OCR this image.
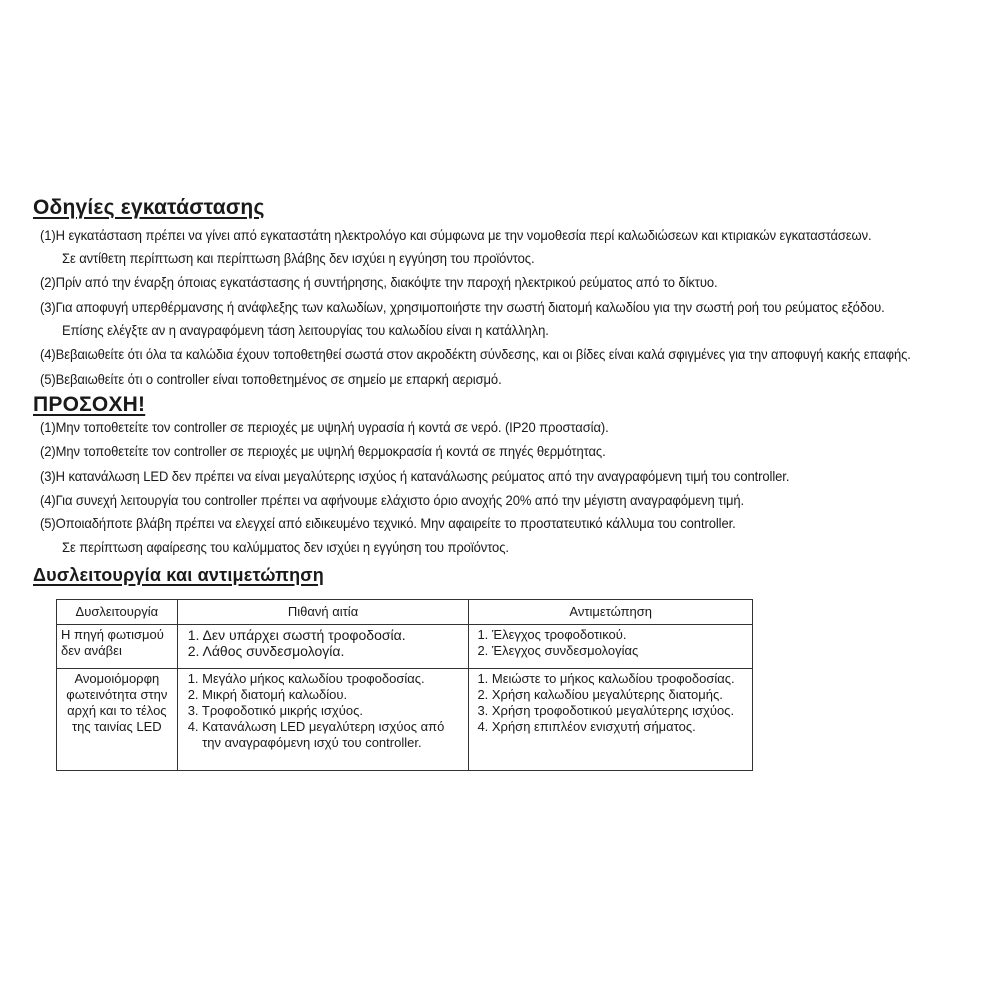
Οδηγίες εγκατάστασης
(1)Η εγκατάσταση πρέπει να γίνει από εγκαταστάτη ηλεκτρολόγο και σύμφωνα με την νομοθεσία περί καλωδιώσεων και κτιριακών εγκαταστάσεων.
Σε αντίθετη περίπτωση και περίπτωση βλάβης δεν ισχύει η εγγύηση του προϊόντος.
(2)Πρίν από την έναρξη όποιας εγκατάστασης ή συντήρησης, διακόψτε την παροχή ηλεκτρικού ρεύματος από το δίκτυο.
(3)Για αποφυγή υπερθέρμανσης ή ανάφλεξης των καλωδίων, χρησιμοποιήστε την σωστή διατομή καλωδίου για την σωστή ροή του ρεύματος εξόδου.
Επίσης ελέγξτε αν η αναγραφόμενη τάση λειτουργίας του καλωδίου είναι η κατάλληλη.
(4)Βεβαιωθείτε ότι όλα τα καλώδια έχουν τοποθετηθεί σωστά στον ακροδέκτη σύνδεσης, και οι βίδες είναι καλά σφιγμένες για την αποφυγή κακής επαφής.
(5)Βεβαιωθείτε ότι ο controller είναι τοποθετημένος σε σημείο με επαρκή αερισμό.
ΠΡΟΣΟΧΗ!
(1)Μην τοποθετείτε τον controller σε περιοχές με υψηλή υγρασία ή κοντά σε νερό. (IP20 προστασία).
(2)Μην τοποθετείτε τον controller σε περιοχές με υψηλή θερμοκρασία ή κοντά σε πηγές θερμότητας.
(3)Η κατανάλωση LED δεν πρέπει να είναι μεγαλύτερης ισχύος ή κατανάλωσης ρεύματος από την αναγραφόμενη τιμή του controller.
(4)Για συνεχή λειτουργία του controller πρέπει να αφήνουμε ελάχιστο όριο ανοχής 20% από την μέγιστη αναγραφόμενη τιμή.
(5)Οποιαδήποτε βλάβη πρέπει να ελεγχεί από ειδικευμένο τεχνικό. Μην αφαιρείτε το προστατευτικό κάλλυμα του controller.
Σε περίπτωση αφαίρεσης του καλύμματος δεν ισχύει η εγγύηση του προϊόντος.
Δυσλειτουργία και αντιμετώπηση
Δυσλειτουργία	Πιθανή αιτία	Αντιμετώπηση

Η πηγή φωτισμού
δεν ανάβει	1. Δεν υπάρχει σωστή τροφοδοσία.
2. Λάθος συνδεσμολογία.	1. Έλεγχος τροφοδοτικού.
2. Έλεγχος συνδεσμολογίας

Ανομοιόμορφη
φωτεινότητα στην
αρχή και το τέλος
της ταινίας LED	1. Μεγάλο μήκος καλωδίου τροφοδοσίας.
2. Μικρή διατομή καλωδίου.
3. Τροφοδοτικό μικρής ισχύος.
4. Κατανάλωση LED μεγαλύτερη ισχύος από
την αναγραφόμενη ισχύ του controller.	1. Μειώστε το μήκος καλωδίου τροφοδοσίας.
2. Χρήση καλωδίου μεγαλύτερης διατομής.
3. Χρήση τροφοδοτικού μεγαλύτερης ισχύος.
4. Χρήση επιπλέον ενισχυτή σήματος.
